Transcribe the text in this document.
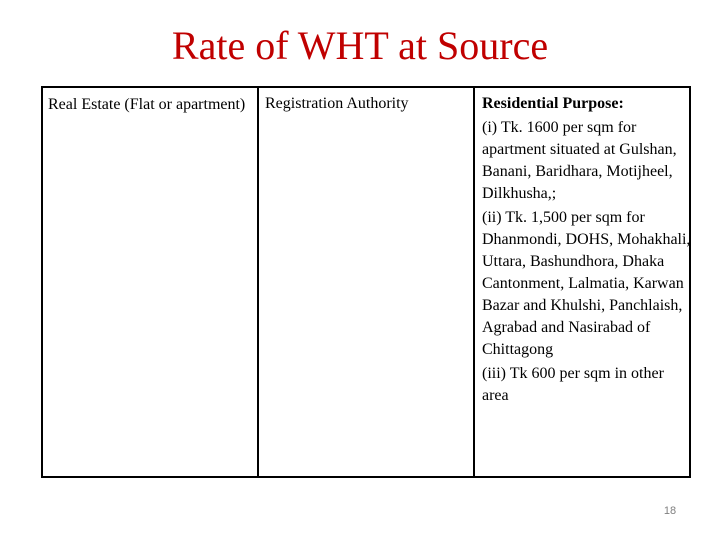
Rate of WHT at Source
Real Estate (Flat or apartment) Registration Authority	Residential Purpose:
(i) Tk. 1600 per sqm for apartment situated at Gulshan, Banani, Baridhara, Motijheel, Dilkhusha,;
(ii) Tk. 1,500 per sqm for Dhanmondi, DOHS, Mohakhali, Uttara, Bashundhora, Dhaka Cantonment, Lalmatia, Karwan Bazar and Khulshi, Panchlaish, Agrabad and Nasirabad of Chittagong
(iii) Tk 600 per sqm in other area
18
